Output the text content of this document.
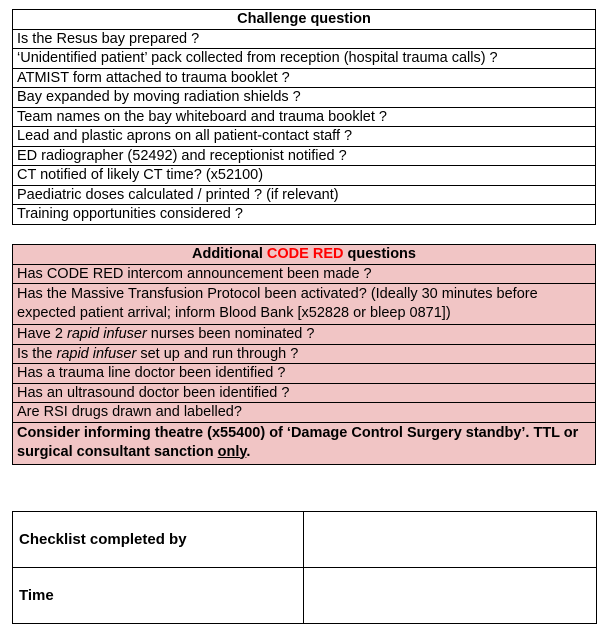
Challenge question
Is the Resus bay prepared ?
‘Unidentified patient’ pack collected from reception (hospital trauma calls) ?
ATMIST form attached to trauma booklet ?
Bay expanded by moving radiation shields ?
Team names on the bay whiteboard and trauma booklet ?
Lead and plastic aprons on all patient-contact staff ?
ED radiographer (52492) and receptionist notified ?
CT notified of likely CT time? (x52100)
Paediatric doses calculated / printed ? (if relevant)
Training opportunities considered ?
Additional CODE RED questions
Has CODE RED intercom announcement been made ?
Has the Massive Transfusion Protocol been activated? (Ideally 30 minutes before expected patient arrival; inform Blood Bank [x52828 or bleep 0871])
Have 2 rapid infuser nurses been nominated ?
Is the rapid infuser set up and run through ?
Has a trauma line doctor been identified ?
Has an ultrasound doctor been identified ?
Are RSI drugs drawn and labelled?
Consider informing theatre (x55400) of ‘Damage Control Surgery standby’. TTL or surgical consultant sanction only.
Checklist completed by	
Time	
